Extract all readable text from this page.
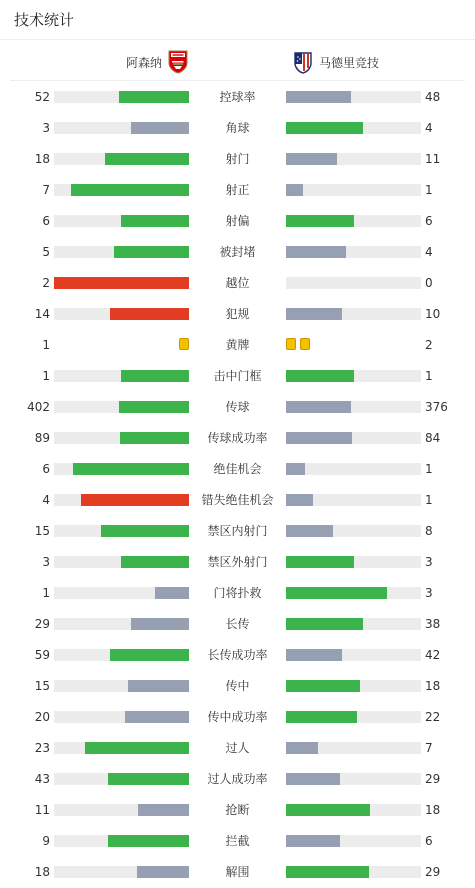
技术统计
阿森纳	马德里竞技
52	控球率	48
3	角球	4
18	射门	11
7	射正	1
6	射偏	6
5	被封堵	4
2	越位	0
14	犯规	10
1	黄牌	2
1	击中门框	1
402	传球	376
89	传球成功率	84
6	绝佳机会	1
4	错失绝佳机会	1
15	禁区内射门	8
3	禁区外射门	3
1	门将扑救	3
29	长传	38
59	长传成功率	42
15	传中	18
20	传中成功率	22
23	过人	7
43	过人成功率	29
11	抢断	18
9	拦截	6
18	解围	29
